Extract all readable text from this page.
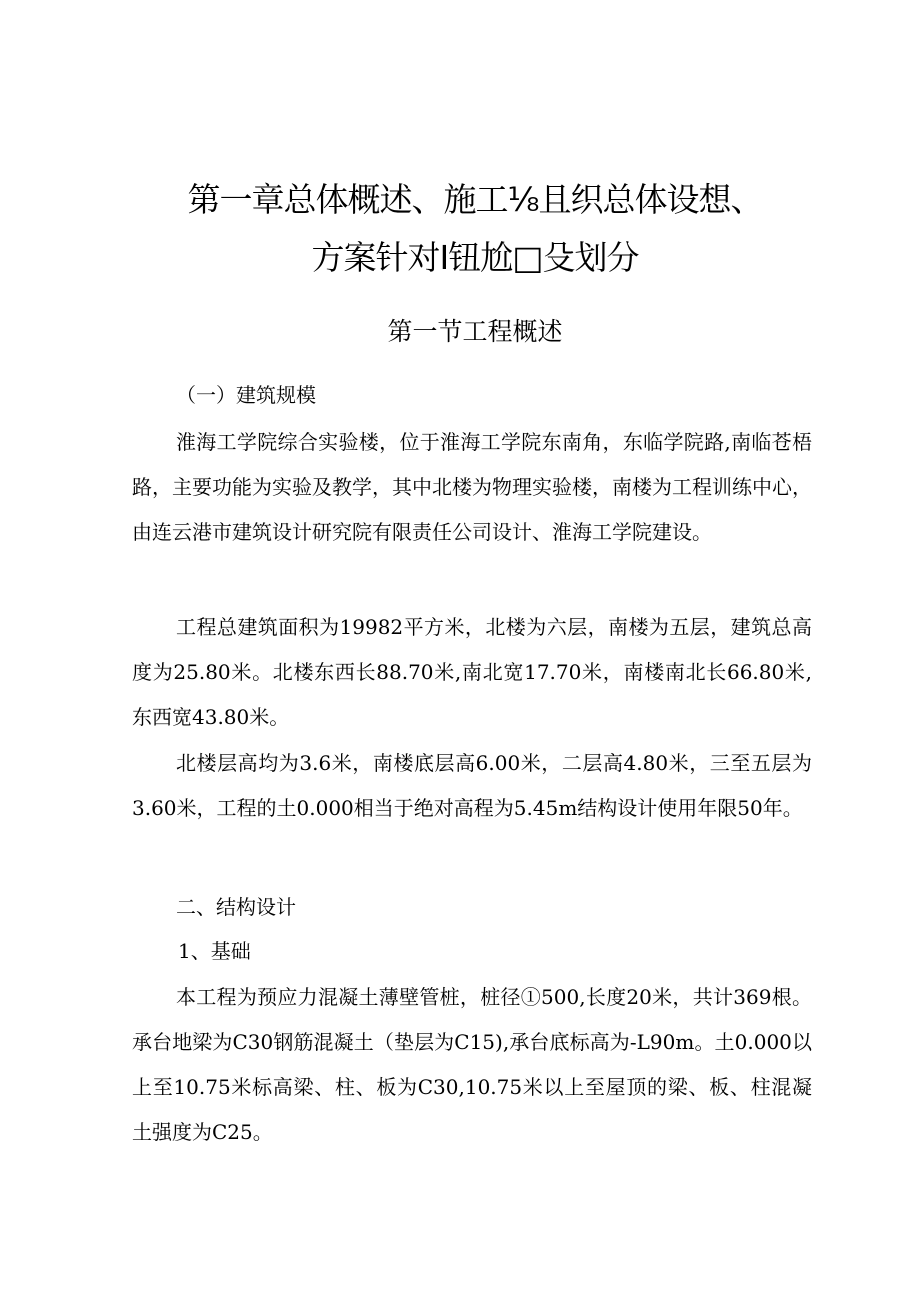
第一章总体概述、施工⅛且织总体设想、
方案针对I钮尬□殳划分
第一节工程概述

（一）建筑规模

淮海工学院综合实验楼，位于淮海工学院东南角，东临学院路,南临苍梧路，主要功能为实验及教学，其中北楼为物理实验楼，南楼为工程训练中心，由连云港市建筑设计研究院有限责任公司设计、淮海工学院建设。

工程总建筑面积为19982平方米，北楼为六层，南楼为五层，建筑总高度为25.80米。北楼东西长88.70米,南北宽17.70米，南楼南北长66.80米,东西宽43.80米。

北楼层高均为3.6米，南楼底层高6.00米，二层高4.80米，三至五层为3.60米，工程的土0.000相当于绝对高程为5.45m结构设计使用年限50年。

二、结构设计

1、基础

本工程为预应力混凝土薄壁管桩，桩径①500,长度20米，共计369根。承台地梁为C30钢筋混凝土（垫层为C15),承台底标高为-L90m。土0.000以上至10.75米标高梁、柱、板为C30,10.75米以上至屋顶的梁、板、柱混凝土强度为C25。
